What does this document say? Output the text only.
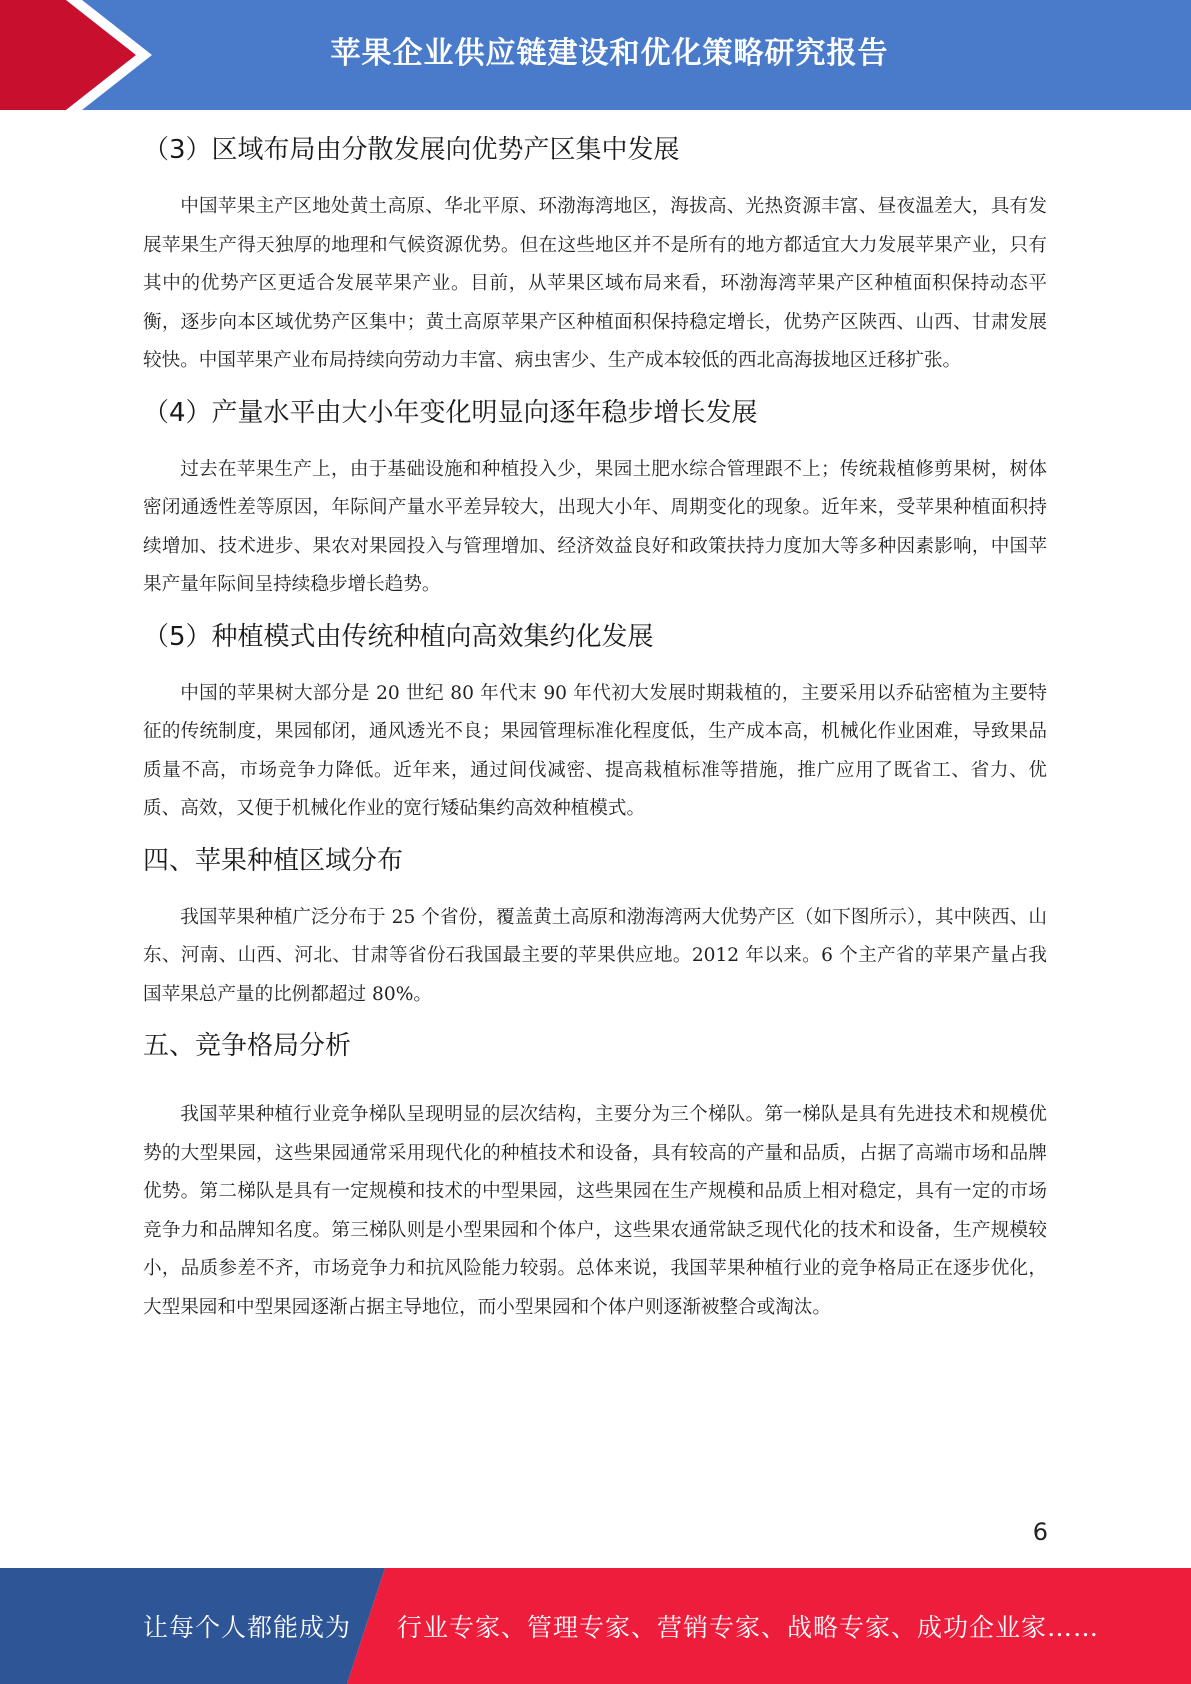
苹果企业供应链建设和优化策略研究报告
（3）区域布局由分散发展向优势产区集中发展

中国苹果主产区地处黄土高原、华北平原、环渤海湾地区，海拔高、光热资源丰富、昼夜温差大，具有发展苹果生产得天独厚的地理和气候资源优势。但在这些地区并不是所有的地方都适宜大力发展苹果产业，只有其中的优势产区更适合发展苹果产业。目前，从苹果区域布局来看，环渤海湾苹果产区种植面积保持动态平衡，逐步向本区域优势产区集中；黄土高原苹果产区种植面积保持稳定增长，优势产区陕西、山西、甘肃发展较快。中国苹果产业布局持续向劳动力丰富、病虫害少、生产成本较低的西北高海拔地区迁移扩张。

（4）产量水平由大小年变化明显向逐年稳步增长发展

过去在苹果生产上，由于基础设施和种植投入少，果园土肥水综合管理跟不上；传统栽植修剪果树，树体密闭通透性差等原因，年际间产量水平差异较大，出现大小年、周期变化的现象。近年来，受苹果种植面积持续增加、技术进步、果农对果园投入与管理增加、经济效益良好和政策扶持力度加大等多种因素影响，中国苹果产量年际间呈持续稳步增长趋势。

（5）种植模式由传统种植向高效集约化发展

中国的苹果树大部分是 20 世纪 80 年代末 90 年代初大发展时期栽植的，主要采用以乔砧密植为主要特征的传统制度，果园郁闭，通风透光不良；果园管理标准化程度低，生产成本高，机械化作业困难，导致果品质量不高，市场竞争力降低。近年来，通过间伐减密、提高栽植标准等措施，推广应用了既省工、省力、优质、高效，又便于机械化作业的宽行矮砧集约高效种植模式。

四、苹果种植区域分布

我国苹果种植广泛分布于 25 个省份，覆盖黄土高原和渤海湾两大优势产区（如下图所示），其中陕西、山东、河南、山西、河北、甘肃等省份石我国最主要的苹果供应地。2012 年以来。6 个主产省的苹果产量占我国苹果总产量的比例都超过 80%。

五、竞争格局分析

我国苹果种植行业竞争梯队呈现明显的层次结构，主要分为三个梯队。第一梯队是具有先进技术和规模优势的大型果园，这些果园通常采用现代化的种植技术和设备，具有较高的产量和品质，占据了高端市场和品牌优势。第二梯队是具有一定规模和技术的中型果园，这些果园在生产规模和品质上相对稳定，具有一定的市场竞争力和品牌知名度。第三梯队则是小型果园和个体户，这些果农通常缺乏现代化的技术和设备，生产规模较小，品质参差不齐，市场竞争力和抗风险能力较弱。总体来说，我国苹果种植行业的竞争格局正在逐步优化，大型果园和中型果园逐渐占据主导地位，而小型果园和个体户则逐渐被整合或淘汰。

6
让每个人都能成为 行业专家、管理专家、营销专家、战略专家、成功企业家……
